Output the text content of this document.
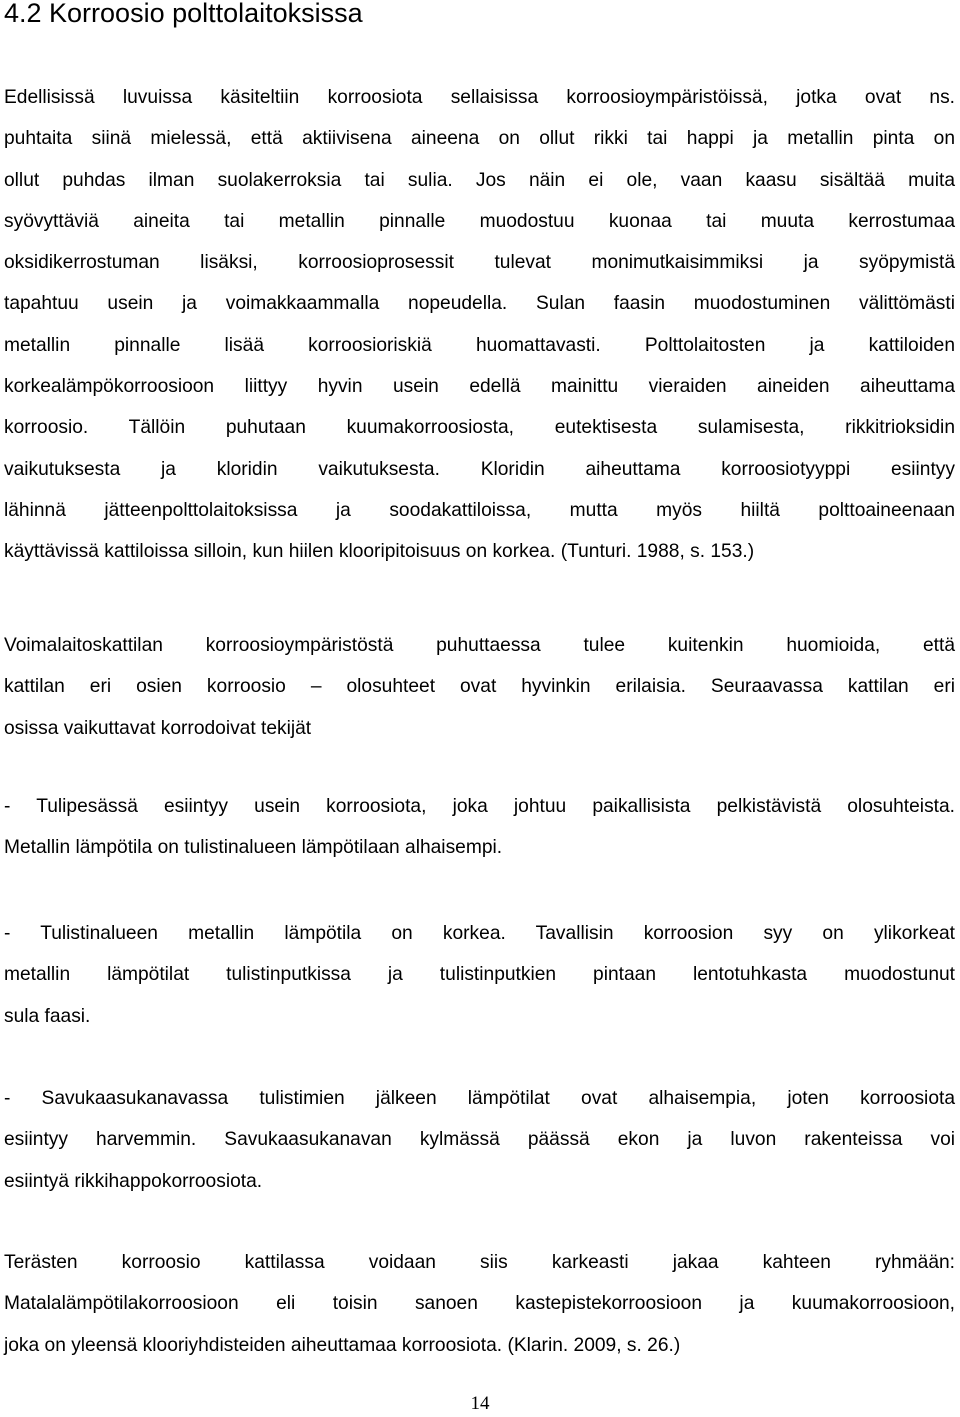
4.2 Korroosio polttolaitoksissa

Edellisissä luvuissa käsiteltiin korroosiota sellaisissa korroosioympäristöissä, jotka ovat ns.
puhtaita siinä mielessä, että aktiivisena aineena on ollut rikki tai happi ja metallin pinta on
ollut puhdas ilman suolakerroksia tai sulia. Jos näin ei ole, vaan kaasu sisältää muita
syövyttäviä aineita tai metallin pinnalle muodostuu kuonaa tai muuta kerrostumaa
oksidikerrostuman lisäksi, korroosioprosessit tulevat monimutkaisimmiksi ja syöpymistä
tapahtuu usein ja voimakkaammalla nopeudella. Sulan faasin muodostuminen välittömästi
metallin pinnalle lisää korroosioriskiä huomattavasti. Polttolaitosten ja kattiloiden
korkealämpökorroosioon liittyy hyvin usein edellä mainittu vieraiden aineiden aiheuttama
korroosio. Tällöin puhutaan kuumakorroosiosta, eutektisesta sulamisesta, rikkitrioksidin
vaikutuksesta ja kloridin vaikutuksesta. Kloridin aiheuttama korroosiotyyppi esiintyy
lähinnä jätteenpolttolaitoksissa ja soodakattiloissa, mutta myös hiiltä polttoaineenaan
käyttävissä kattiloissa silloin, kun hiilen klooripitoisuus on korkea. (Tunturi. 1988, s. 153.)

Voimalaitoskattilan korroosioympäristöstä puhuttaessa tulee kuitenkin huomioida, että
kattilan eri osien korroosio – olosuhteet ovat hyvinkin erilaisia. Seuraavassa kattilan eri
osissa vaikuttavat korrodoivat tekijät

- Tulipesässä esiintyy usein korroosiota, joka johtuu paikallisista pelkistävistä olosuhteista.
Metallin lämpötila on tulistinalueen lämpötilaan alhaisempi.

- Tulistinalueen metallin lämpötila on korkea. Tavallisin korroosion syy on ylikorkeat
metallin lämpötilat tulistinputkissa ja tulistinputkien pintaan lentotuhkasta muodostunut
sula faasi.

- Savukaasukanavassa tulistimien jälkeen lämpötilat ovat alhaisempia, joten korroosiota
esiintyy harvemmin. Savukaasukanavan kylmässä päässä ekon ja luvon rakenteissa voi
esiintyä rikkihappokorroosiota.

Terästen korroosio kattilassa voidaan siis karkeasti jakaa kahteen ryhmään:
Matalalämpötilakorroosioon eli toisin sanoen kastepistekorroosioon ja kuumakorroosioon,
joka on yleensä klooriyhdisteiden aiheuttamaa korroosiota. (Klarin. 2009, s. 26.)

14
